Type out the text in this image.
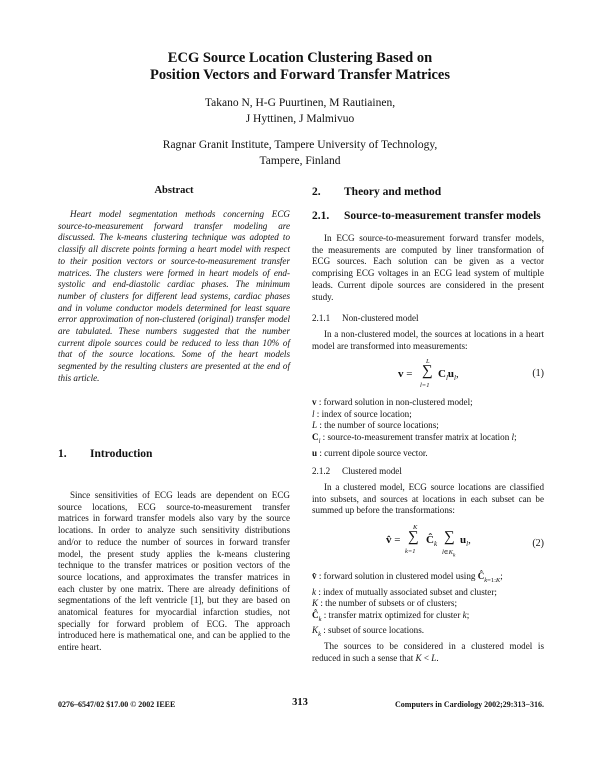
ECG Source Location Clustering Based on
Position Vectors and Forward Transfer Matrices
Takano N, H-G Puurtinen, M Rautiainen,
J Hyttinen, J Malmivuo
Ragnar Granit Institute, Tampere University of Technology,
Tampere, Finland
Abstract
Heart model segmentation methods concerning ECG source-to-measurement forward transfer modeling are discussed. The k-means clustering technique was adopted to classify all discrete points forming a heart model with respect to their position vectors or source-to-measurement transfer matrices. The clusters were formed in heart models of end-systolic and end-diastolic cardiac phases. The minimum number of clusters for different lead systems, cardiac phases and in volume conductor models determined for least square error approximation of non-clustered (original) transfer model are tabulated. These numbers suggested that the number current dipole sources could be reduced to less than 10% of that of the source locations. Some of the heart models segmented by the resulting clusters are presented at the end of this article.
1. Introduction
Since sensitivities of ECG leads are dependent on ECG source locations, ECG source-to-measurement transfer matrices in forward transfer models also vary by the source locations. In order to analyze such sensitivity distributions and/or to reduce the number of sources in forward transfer model, the present study applies the k-means clustering technique to the transfer matrices or position vectors of the source locations, and approximates the transfer matrices in each cluster by one matrix. There are already definitions of segmentations of the left ventricle [1], but they are based on anatomical features for myocardial infarction studies, not specially for forward problem of ECG. The approach introduced here is mathematical one, and can be applied to the entire heart.
2. Theory and method
2.1. Source-to-measurement transfer models
In ECG source-to-measurement forward transfer models, the measurements are computed by liner transformation of ECG sources. Each solution can be given as a vector comprising ECG voltages in an ECG lead system of multiple leads. Current dipole sources are considered in the present study.
2.1.1 Non-clustered model
In a non-clustered model, the sources at locations in a heart model are transformed into measurements:
v =
L
∑
l=1
$C_lu_l$,	(1)
v : forward solution in non-clustered model;
l : index of source location;
L : the number of source locations;
$C_l$ : source-to-measurement transfer matrix at location l;
u : current dipole source vector.
2.1.2 Clustered model
In a clustered model, ECG source locations are classified into subsets, and sources at locations in each subset can be summed up before the transformations:
v̂ =
K
∑
k=1
$Ĉ_k$ ∑
$l\in K_k$
$u_l$,	(2)
v̂ : forward solution in clustered model using $Ĉ_{k=1:K}$;
k : index of mutually associated subset and cluster;
K : the number of subsets or of clusters;
$Ĉ_k$ : transfer matrix optimized for cluster k;
$K_k$ : subset of source locations.
The sources to be considered in a clustered model is reduced in such a sense that K < L.
0276–6547/02 $17.00 © 2002 IEEE	313	Computers in Cardiology 2002;29:313−316.
